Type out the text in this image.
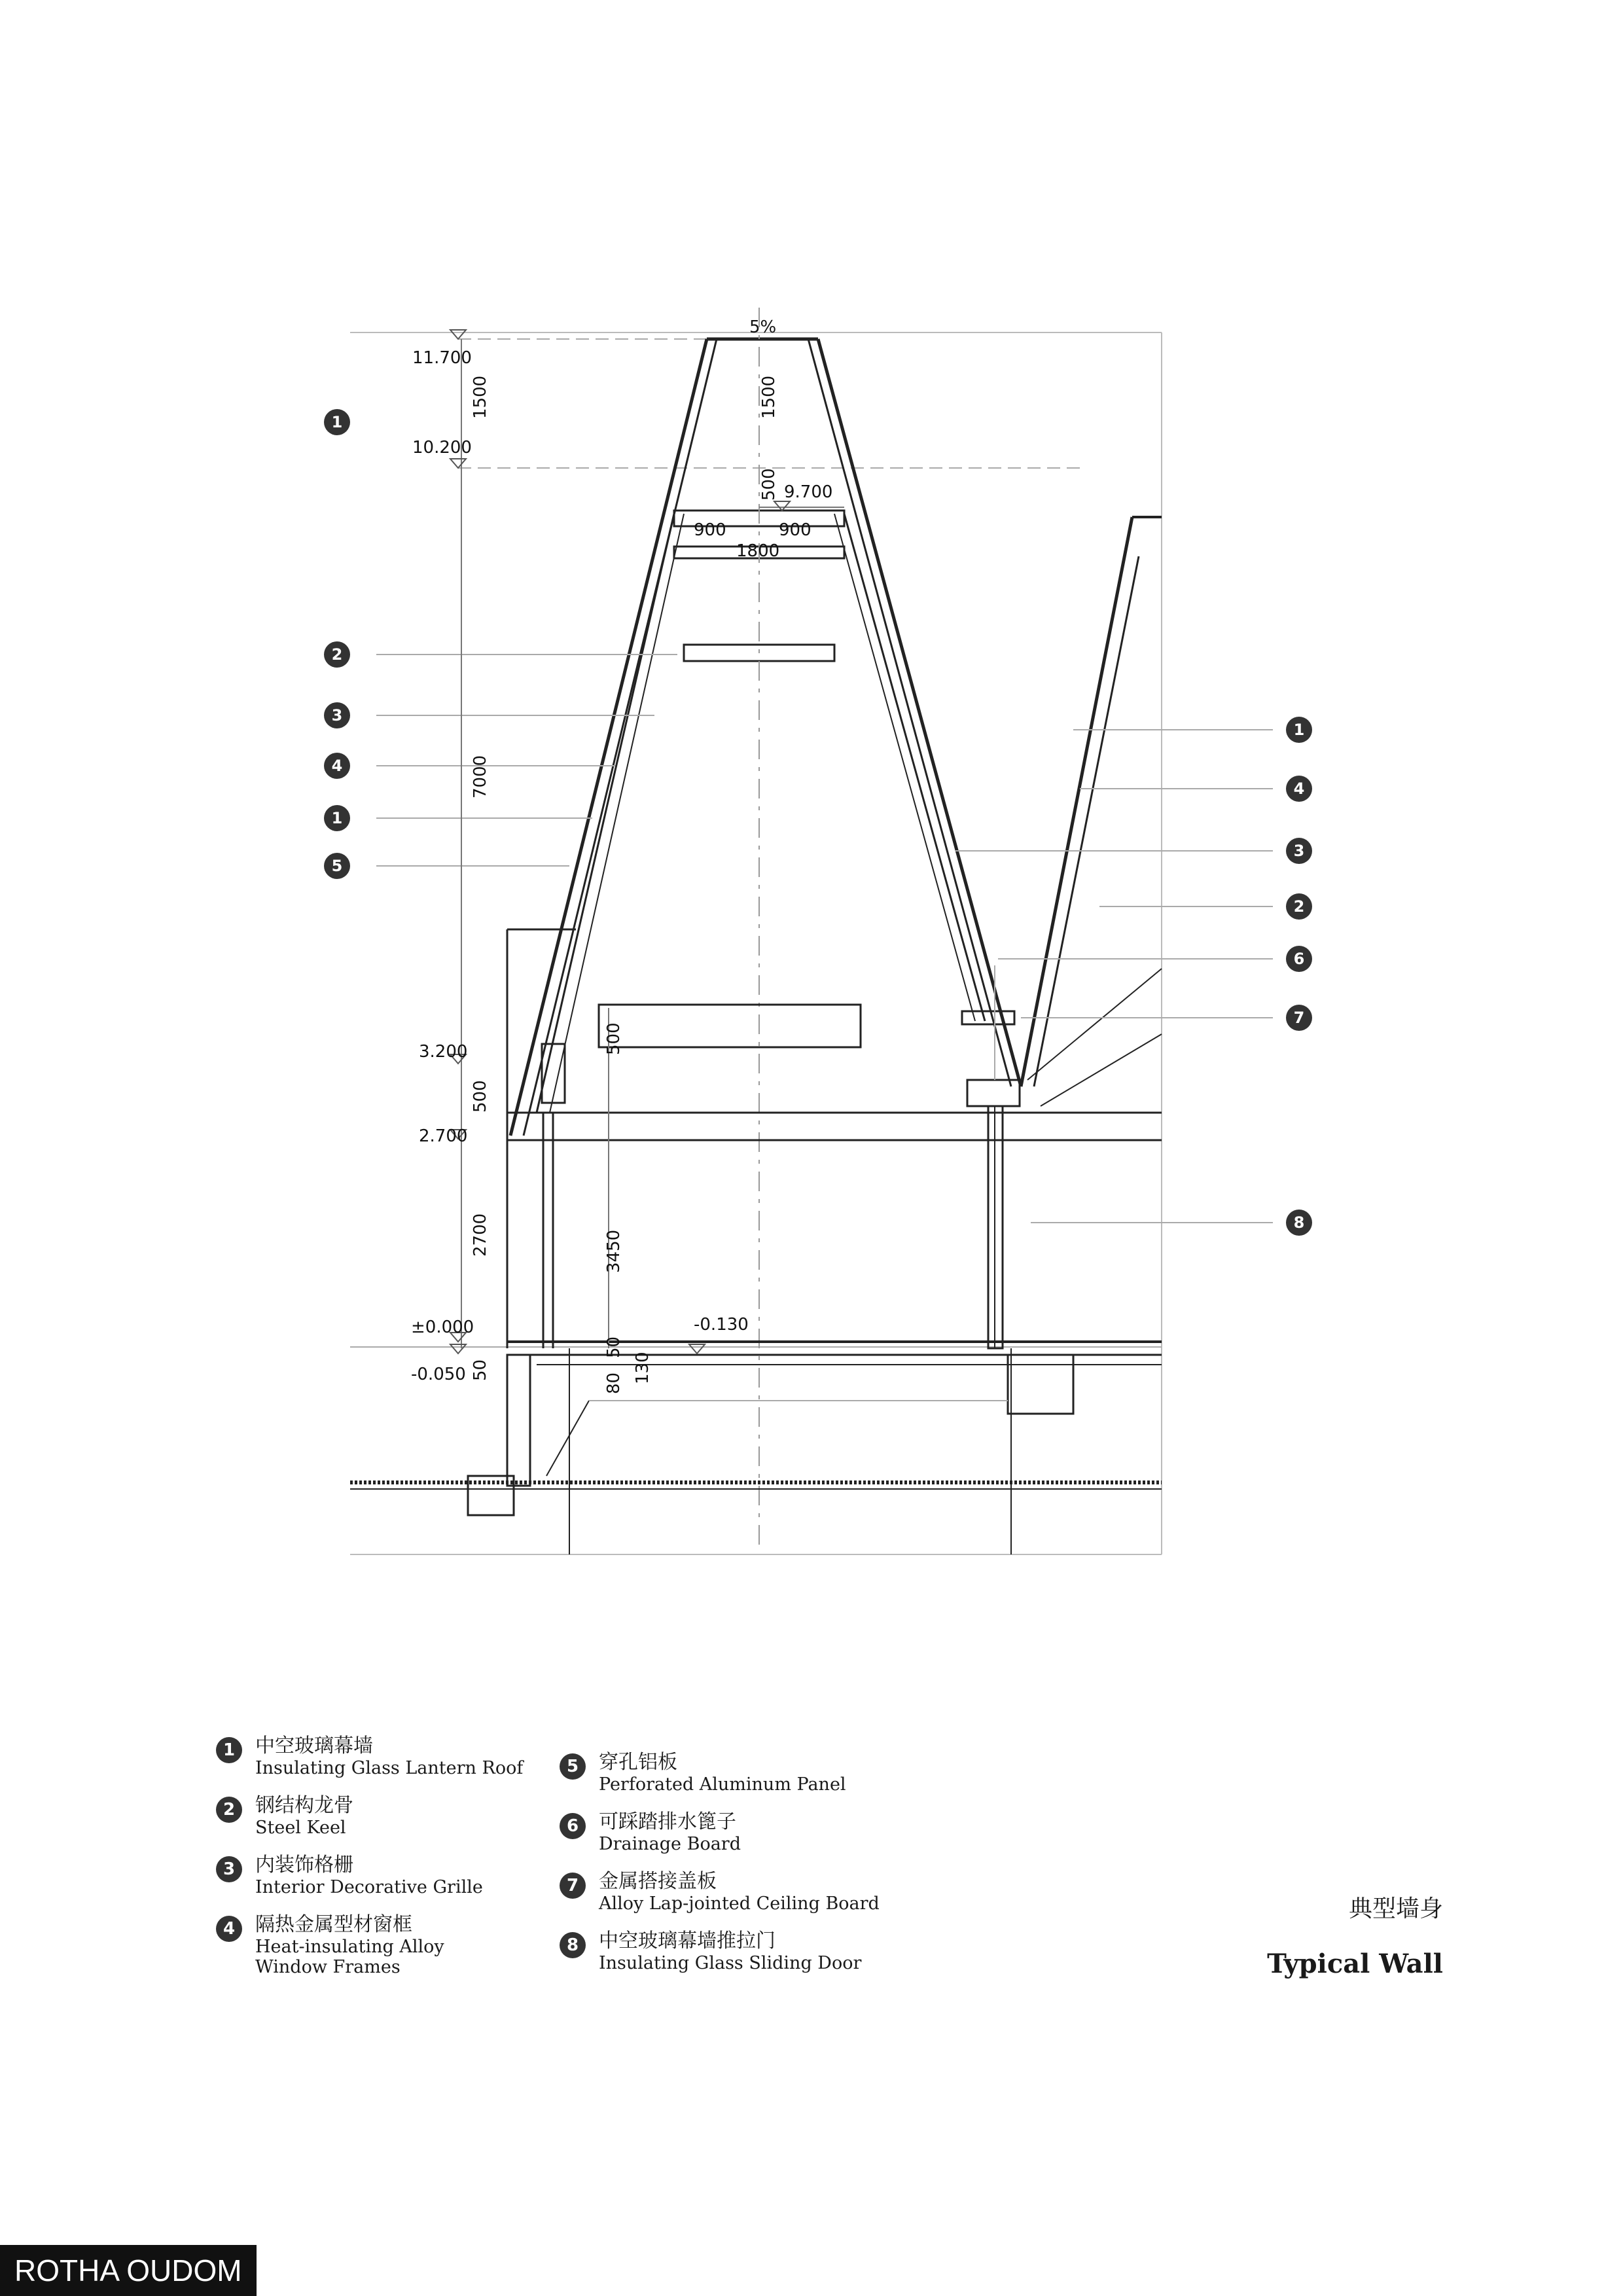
11.700
10.200
9.700
3.200
2.700
±0.000
-0.050
-0.130
5%
900	900
1800
1500	1500
500
7000
500
500
2700	3450
50
50
80 130
1
2
3
4
1
5
1
4
3
2
6
7
8
1	中空玻璃幕墙
Insulating Glass Lantern Roof
2	钢结构龙骨
Steel Keel
3	内装饰格栅
Interior Decorative Grille
4	隔热金属型材窗框
Heat-insulating Alloy Window Frames
5	穿孔铝板
Perforated Aluminum Panel
6	可踩踏排水篦子
Drainage Board
7	金属搭接盖板
Alloy Lap-jointed Ceiling Board
8	中空玻璃幕墙推拉门
Insulating Glass Sliding Door
典型墙身
Typical Wall
ROTHA OUDOM
